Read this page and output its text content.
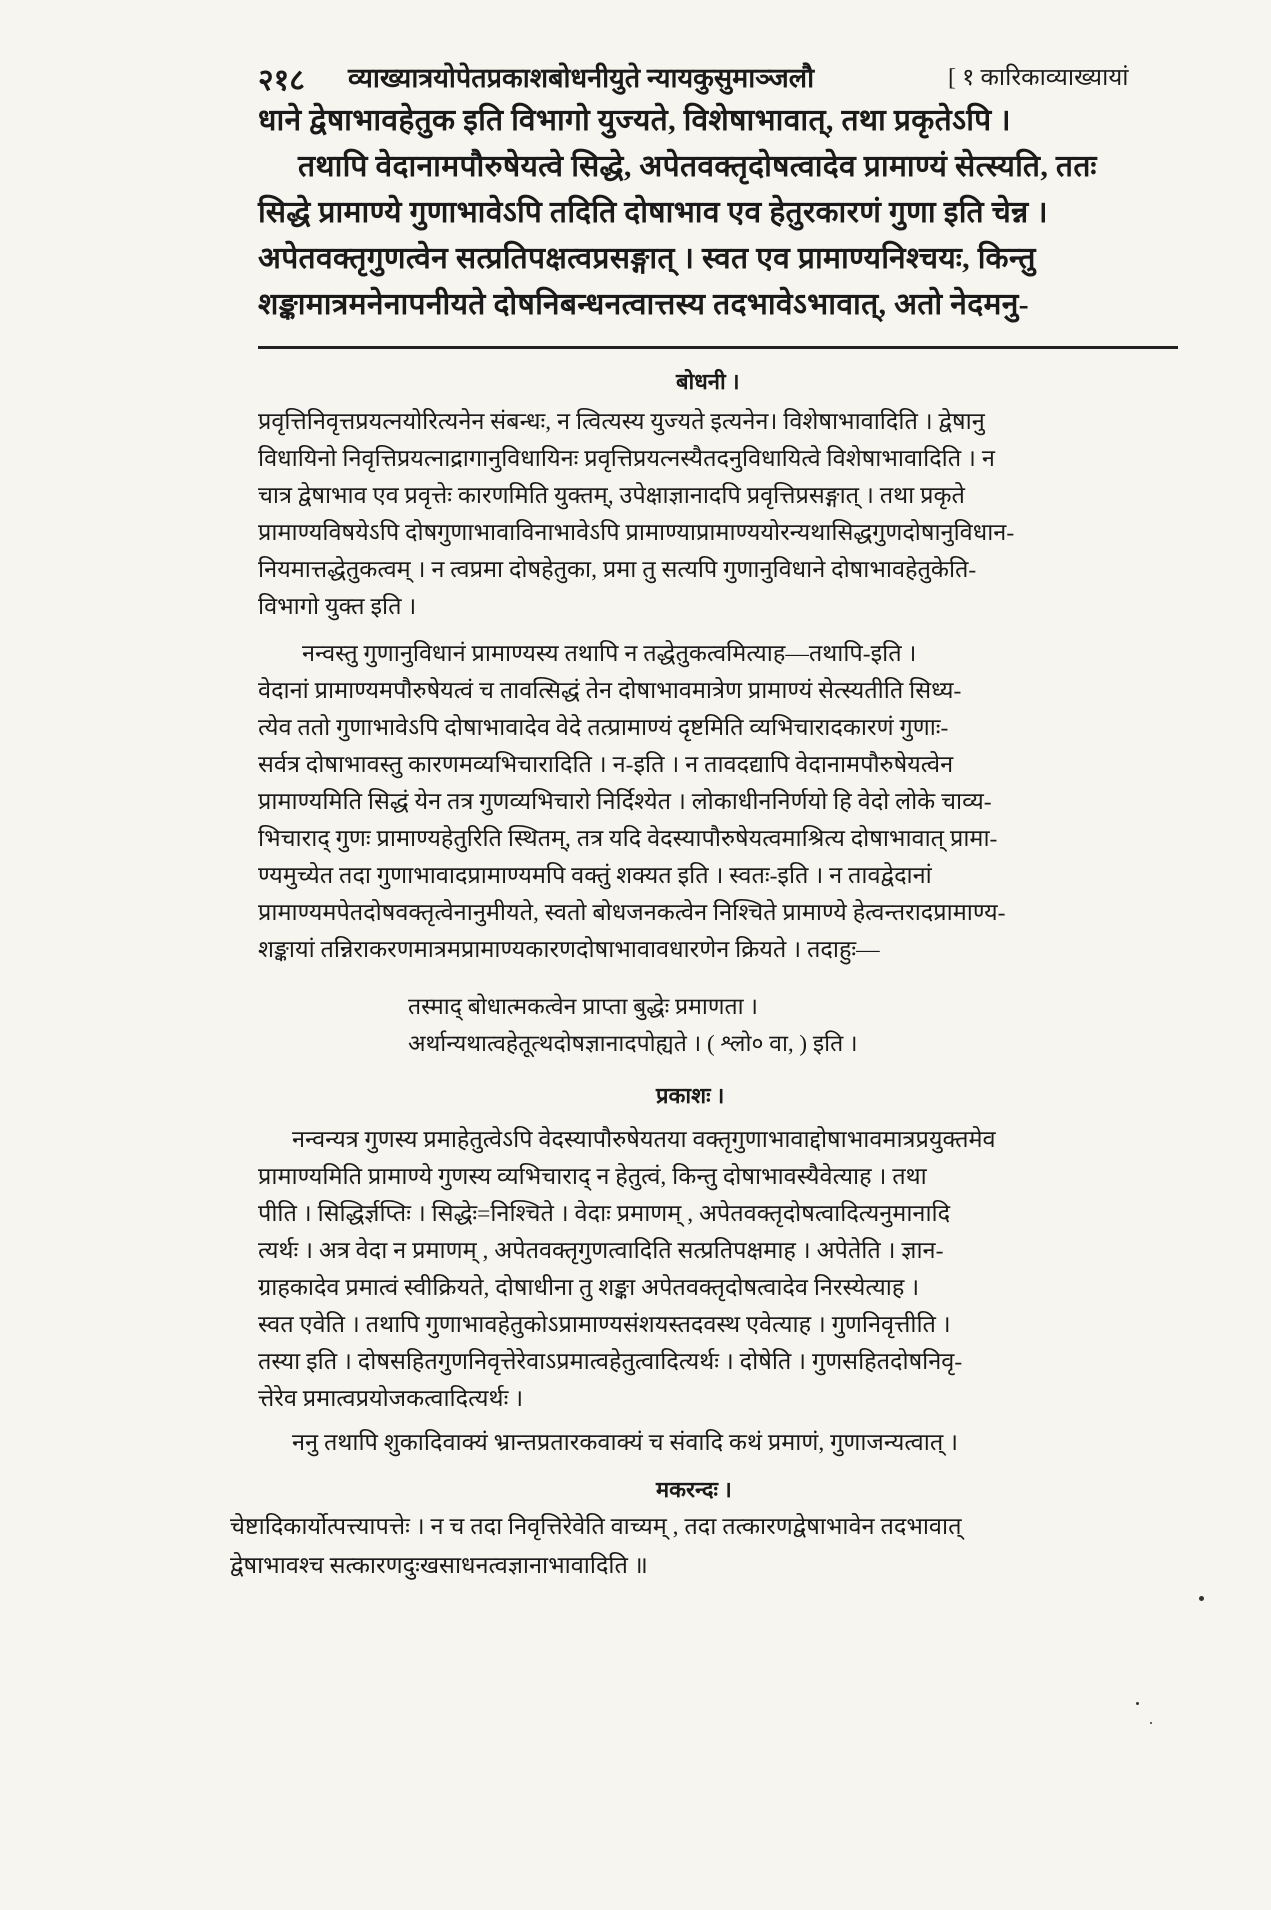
२१८ व्याख्यात्रयोपेतप्रकाशबोधनीयुते न्यायकुसुमाञ्जलौ	[ १ कारिकाव्याख्यायां
धाने द्वेषाभावहेतुक इति विभागो युज्यते, विशेषाभावात्, तथा प्रकृतेऽपि ।
तथापि वेदानामपौरुषेयत्वे सिद्धे, अपेतवक्तृदोषत्वादेव प्रामाण्यं सेत्स्यति, ततः
सिद्धे प्रामाण्ये गुणाभावेऽपि तदिति दोषाभाव एव हेतुरकारणं गुणा इति चेन्न ।
अपेतवक्तृगुणत्वेन सत्प्रतिपक्षत्वप्रसङ्गात् । स्वत एव प्रामाण्यनिश्चयः, किन्तु
शङ्कामात्रमनेनापनीयते दोषनिबन्धनत्वात्तस्य तदभावेऽभावात्, अतो नेदमनु-
बोधनी ।
प्रवृत्तिनिवृत्तप्रयत्नयोरित्यनेन संबन्धः, न त्वित्यस्य युज्यते इत्यनेन। विशेषाभावादिति । द्वेषानु
विधायिनो निवृत्तिप्रयत्नाद्रागानुविधायिनः प्रवृत्तिप्रयत्नस्यैतदनुविधायित्वे विशेषाभावादिति । न
चात्र द्वेषाभाव एव प्रवृत्तेः कारणमिति युक्तम्, उपेक्षाज्ञानादपि प्रवृत्तिप्रसङ्गात् । तथा प्रकृते
प्रामाण्यविषयेऽपि दोषगुणाभावाविनाभावेऽपि प्रामाण्याप्रामाण्ययोरन्यथासिद्धगुणदोषानुविधान-
नियमात्तद्धेतुकत्वम् । न त्वप्रमा दोषहेतुका, प्रमा तु सत्यपि गुणानुविधाने दोषाभावहेतुकेति-
विभागो युक्त इति ।
नन्वस्तु गुणानुविधानं प्रामाण्यस्य तथापि न तद्धेतुकत्वमित्याह—तथापि-इति ।
वेदानां प्रामाण्यमपौरुषेयत्वं च तावत्सिद्धं तेन दोषाभावमात्रेण प्रामाण्यं सेत्स्यतीति सिध्य-
त्येव ततो गुणाभावेऽपि दोषाभावादेव वेदे तत्प्रामाण्यं दृष्टमिति व्यभिचारादकारणं गुणाः-
सर्वत्र दोषाभावस्तु कारणमव्यभिचारादिति । न-इति । न तावदद्यापि वेदानामपौरुषेयत्वेन
प्रामाण्यमिति सिद्धं येन तत्र गुणव्यभिचारो निर्दिश्येत । लोकाधीननिर्णयो हि वेदो लोके चाव्य-
भिचाराद् गुणः प्रामाण्यहेतुरिति स्थितम्, तत्र यदि वेदस्यापौरुषेयत्वमाश्रित्य दोषाभावात् प्रामा-
ण्यमुच्येत तदा गुणाभावादप्रामाण्यमपि वक्तुं शक्यत इति । स्वतः-इति । न तावद्वेदानां
प्रामाण्यमपेतदोषवक्तृत्वेनानुमीयते, स्वतो बोधजनकत्वेन निश्चिते प्रामाण्ये हेत्वन्तरादप्रामाण्य-
शङ्कायां तन्निराकरणमात्रमप्रामाण्यकारणदोषाभावावधारणेन क्रियते । तदाहुः—
तस्माद् बोधात्मकत्वेन प्राप्ता बुद्धेः प्रमाणता ।
अर्थान्यथात्वहेतूत्थदोषज्ञानादपोह्यते । ( श्लो० वा, ) इति ।
प्रकाशः ।
नन्वन्यत्र गुणस्य प्रमाहेतुत्वेऽपि वेदस्यापौरुषेयतया वक्तृगुणाभावाद्दोषाभावमात्रप्रयुक्तमेव
प्रामाण्यमिति प्रामाण्ये गुणस्य व्यभिचाराद् न हेतुत्वं, किन्तु दोषाभावस्यैवेत्याह । तथा
पीति । सिद्धिर्ज्ञप्तिः । सिद्धेः=निश्चिते । वेदाः प्रमाणम् , अपेतवक्तृदोषत्वादित्यनुमानादि
त्यर्थः । अत्र वेदा न प्रमाणम् , अपेतवक्तृगुणत्वादिति सत्प्रतिपक्षमाह । अपेतेति । ज्ञान-
ग्राहकादेव प्रमात्वं स्वीक्रियते, दोषाधीना तु शङ्का अपेतवक्तृदोषत्वादेव निरस्येत्याह ।
स्वत एवेति । तथापि गुणाभावहेतुकोऽप्रामाण्यसंशयस्तदवस्थ एवेत्याह । गुणनिवृत्तीति ।
तस्या इति । दोषसहितगुणनिवृत्तेरेवाऽप्रमात्वहेतुत्वादित्यर्थः । दोषेति । गुणसहितदोषनिवृ-
त्तेरेव प्रमात्वप्रयोजकत्वादित्यर्थः ।
ननु तथापि शुकादिवाक्यं भ्रान्तप्रतारकवाक्यं च संवादि कथं प्रमाणं, गुणाजन्यत्वात् ।
मकरन्दः ।
चेष्टादिकार्योत्पत्त्यापत्तेः । न च तदा निवृत्तिरेवेति वाच्यम् , तदा तत्कारणद्वेषाभावेन तदभावात्
द्वेषाभावश्च सत्कारणदुःखसाधनत्वज्ञानाभावादिति ॥
